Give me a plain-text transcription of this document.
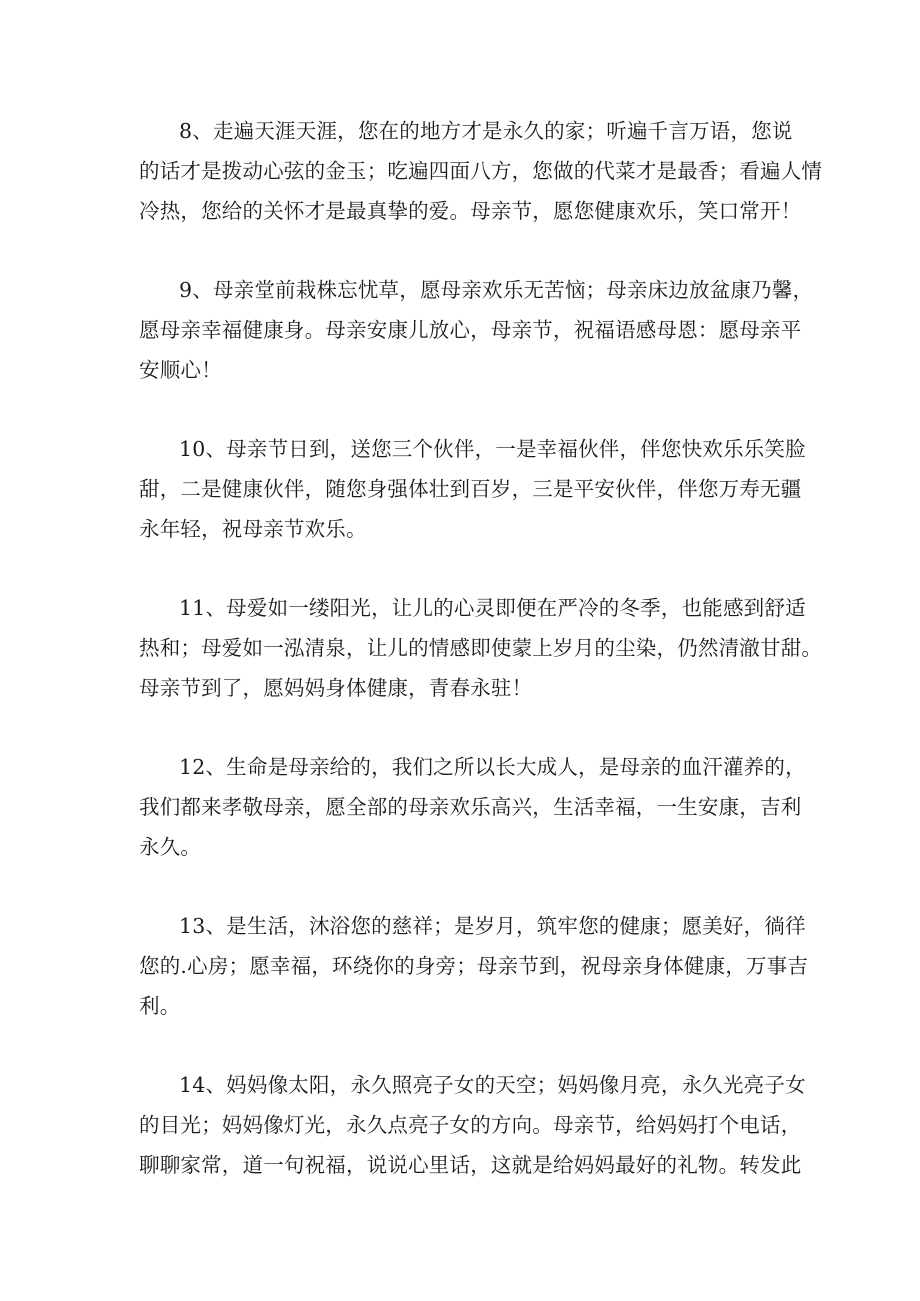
8、走遍天涯天涯，您在的地方才是永久的家；听遍千言万语，您说
的话才是拨动心弦的金玉；吃遍四面八方，您做的代菜才是最香；看遍人情
冷热，您给的关怀才是最真挚的爱。母亲节，愿您健康欢乐，笑口常开！
9、母亲堂前栽株忘忧草，愿母亲欢乐无苦恼；母亲床边放盆康乃馨，
愿母亲幸福健康身。母亲安康儿放心，母亲节，祝福语感母恩：愿母亲平
安顺心！
10、母亲节日到，送您三个伙伴，一是幸福伙伴，伴您快欢乐乐笑脸
甜，二是健康伙伴，随您身强体壮到百岁，三是平安伙伴，伴您万寿无疆
永年轻，祝母亲节欢乐。
11、母爱如一缕阳光，让儿的心灵即便在严冷的冬季，也能感到舒适
热和；母爱如一泓清泉，让儿的情感即使蒙上岁月的尘染，仍然清澈甘甜。
母亲节到了，愿妈妈身体健康，青春永驻！
12、生命是母亲给的，我们之所以长大成人，是母亲的血汗灌养的，
我们都来孝敬母亲，愿全部的母亲欢乐高兴，生活幸福，一生安康，吉利
永久。
13、是生活，沐浴您的慈祥；是岁月，筑牢您的健康；愿美好，徜徉
您的.心房；愿幸福，环绕你的身旁；母亲节到，祝母亲身体健康，万事吉
利。
14、妈妈像太阳，永久照亮子女的天空；妈妈像月亮，永久光亮子女
的目光；妈妈像灯光，永久点亮子女的方向。母亲节，给妈妈打个电话，
聊聊家常，道一句祝福，说说心里话，这就是给妈妈最好的礼物。转发此
